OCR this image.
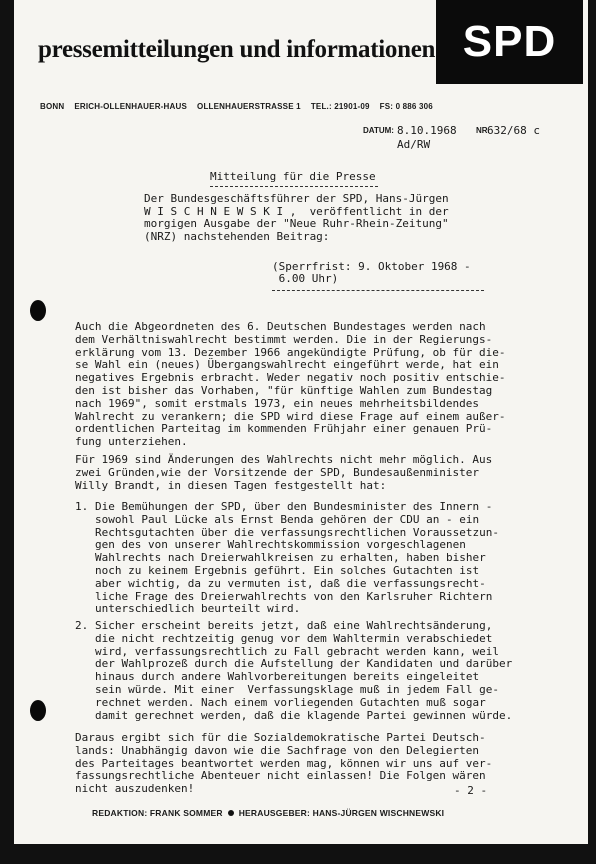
pressemitteilungen und informationen SPD
BONN ERICH-OLLENHAUER-HAUS OLLENHAUERSTRASSE 1 TEL.: 21901-09 FS: 0 886 306
DATUM: 8.10.1968 NR.
632/68 c
Ad/RW
Mitteilung für die Presse
Der Bundesgeschäftsführer der SPD, Hans-Jürgen
W I S C H N E W S K I ,  veröffentlicht in der
morgigen Ausgabe der "Neue Ruhr-Rhein-Zeitung"
(NRZ) nachstehenden Beitrag:
(Sperrfrist: 9. Oktober 1968 -
6.00 Uhr)
Auch die Abgeordneten des 6. Deutschen Bundestages werden nach
dem Verhältniswahlrecht bestimmt werden. Die in der Regierungs-
erklärung vom 13. Dezember 1966 angekündigte Prüfung, ob für die-
se Wahl ein (neues) Übergangswahlrecht eingeführt werde, hat ein
negatives Ergebnis erbracht. Weder negativ noch positiv entschie-
den ist bisher das Vorhaben, "für künftige Wahlen zum Bundestag
nach 1969", somit erstmals 1973, ein neues mehrheitsbildendes
Wahlrecht zu verankern; die SPD wird diese Frage auf einem außer-
ordentlichen Parteitag im kommenden Frühjahr einer genauen Prü-
fung unterziehen.
Für 1969 sind Änderungen des Wahlrechts nicht mehr möglich. Aus
zwei Gründen,wie der Vorsitzende der SPD, Bundesaußenminister
Willy Brandt, in diesen Tagen festgestellt hat:
1. Die Bemühungen der SPD, über den Bundesminister des Innern -
sowohl Paul Lücke als Ernst Benda gehören der CDU an - ein
Rechtsgutachten über die verfassungsrechtlichen Voraussetzun-
gen des von unserer Wahlrechtskommission vorgeschlagenen
Wahlrechts nach Dreierwahlkreisen zu erhalten, haben bisher
noch zu keinem Ergebnis geführt. Ein solches Gutachten ist
aber wichtig, da zu vermuten ist, daß die verfassungsrecht-
liche Frage des Dreierwahlrechts von den Karlsruher Richtern
unterschiedlich beurteilt wird.
2. Sicher erscheint bereits jetzt, daß eine Wahlrechtsänderung,
die nicht rechtzeitig genug vor dem Wahltermin verabschiedet
wird, verfassungsrechtlich zu Fall gebracht werden kann, weil
der Wahlprozeß durch die Aufstellung der Kandidaten und darüber
hinaus durch andere Wahlvorbereitungen bereits eingeleitet
sein würde. Mit einer  Verfassungsklage muß in jedem Fall ge-
rechnet werden. Nach einem vorliegenden Gutachten muß sogar
damit gerechnet werden, daß die klagende Partei gewinnen würde.
Daraus ergibt sich für die Sozialdemokratische Partei Deutsch-
lands: Unabhängig davon wie die Sachfrage von den Delegierten
des Parteitages beantwortet werden mag, können wir uns auf ver-
fassungsrechtliche Abenteuer nicht einlassen! Die Folgen wären
nicht auszudenken!	- 2 -
REDAKTION: FRANK SOMMER HERAUSGEBER: HANS-JÜRGEN WISCHNEWSKI
